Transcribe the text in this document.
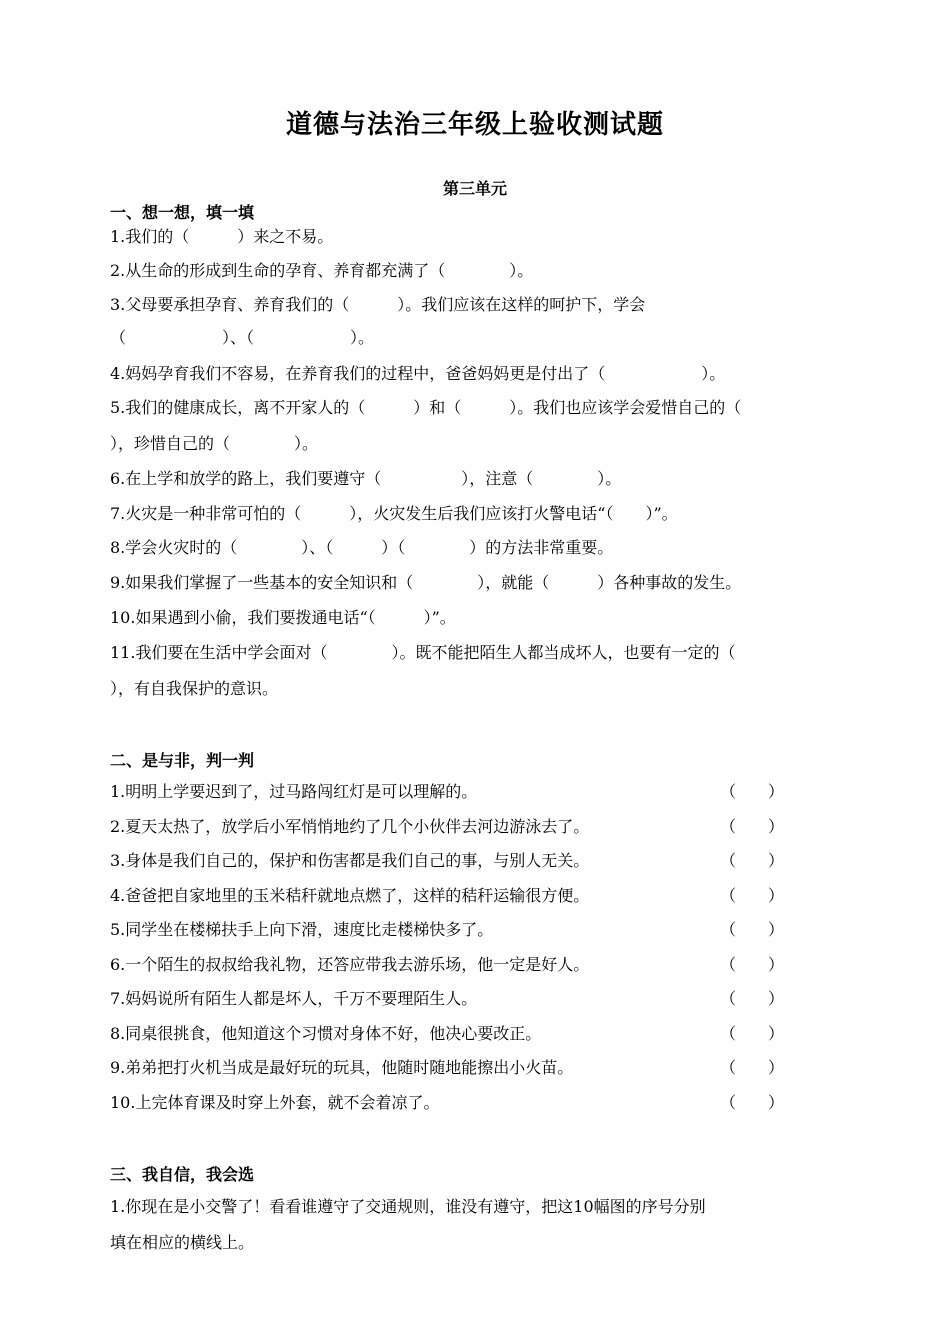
道德与法治三年级上验收测试题
第三单元
一、想一想，填一填
1.我们的（　　　）来之不易。
2.从生命的形成到生命的孕育、养育都充满了（　　　　）。
3.父母要承担孕育、养育我们的（　　　）。我们应该在这样的呵护下，学会
（　　　　　　）、（　　　　　　）。
4.妈妈孕育我们不容易，在养育我们的过程中，爸爸妈妈更是付出了（　　　　　　）。
5.我们的健康成长，离不开家人的（　　　）和（　　　）。我们也应该学会爱惜自己的（
），珍惜自己的（　　　　）。
6.在上学和放学的路上，我们要遵守（　　　　　），注意（　　　　）。
7.火灾是一种非常可怕的（　　　），火灾发生后我们应该打火警电话“（　　）”。
8.学会火灾时的（　　　　）、（　　　）（　　　　）的方法非常重要。
9.如果我们掌握了一些基本的安全知识和（　　　　），就能（　　　）各种事故的发生。
10.如果遇到小偷，我们要拨通电话“（　　　）”。
11.我们要在生活中学会面对（　　　　）。既不能把陌生人都当成坏人，也要有一定的（
），有自我保护的意识。
二、是与非，判一判
1.明明上学要迟到了，过马路闯红灯是可以理解的。	（　　）
2.夏天太热了，放学后小军悄悄地约了几个小伙伴去河边游泳去了。	（　　）
3.身体是我们自己的，保护和伤害都是我们自己的事，与别人无关。	（　　）
4.爸爸把自家地里的玉米秸秆就地点燃了，这样的秸秆运输很方便。	（　　）
5.同学坐在楼梯扶手上向下滑，速度比走楼梯快多了。	（　　）
6.一个陌生的叔叔给我礼物，还答应带我去游乐场，他一定是好人。	（　　）
7.妈妈说所有陌生人都是坏人，千万不要理陌生人。	（　　）
8.同桌很挑食，他知道这个习惯对身体不好，他决心要改正。	（　　）
9.弟弟把打火机当成是最好玩的玩具，他随时随地能擦出小火苗。	（　　）
10.上完体育课及时穿上外套，就不会着凉了。	（　　）
三、我自信，我会选
1.你现在是小交警了！看看谁遵守了交通规则，谁没有遵守，把这10幅图的序号分别
填在相应的横线上。
